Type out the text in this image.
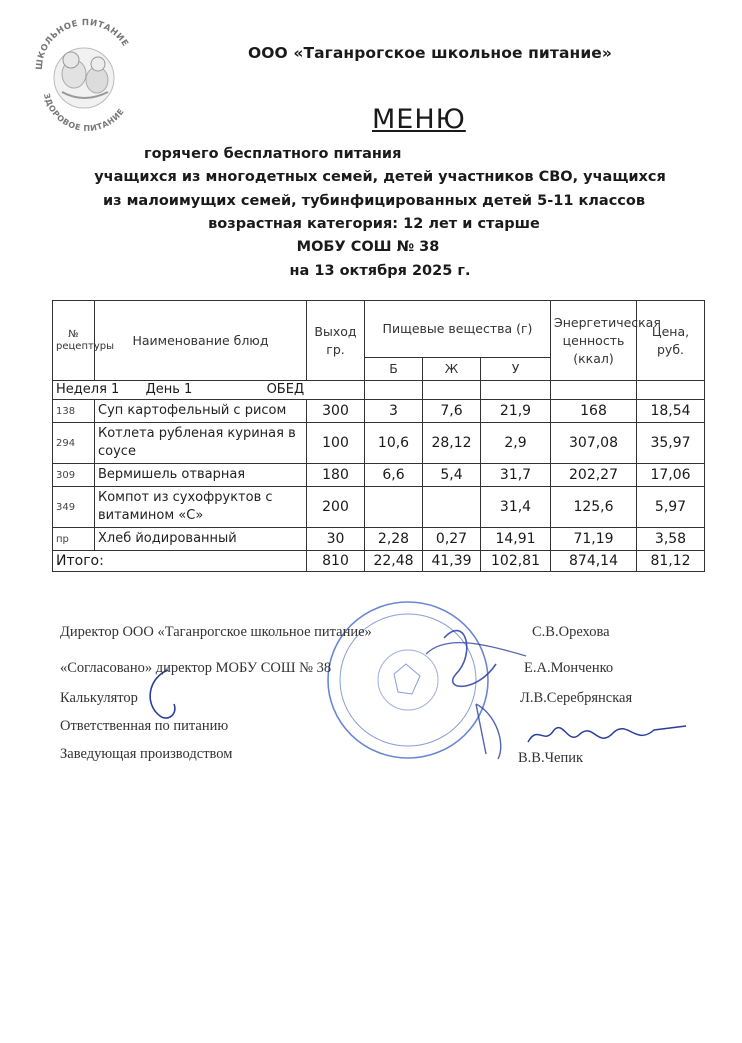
ШКОЛЬНОЕ ПИТАНИЕ
ЗДОРОВОЕ ПИТАНИЕ
ООО «Таганрогское школьное питание»
МЕНЮ
горячего бесплатного питания
учащихся из многодетных семей, детей участников СВО, учащихся
из малоимущих семей, тубинфицированных детей 5-11 классов
возрастная категория: 12 лет и старше
МОБУ СОШ № 38
на 13 октября 2025 г.
№ рецептуры	Наименование блюд	Выход гр.	Пищевые вещества (г)			Энергетическая ценность (ккал)	Цена, руб.
			Б	Ж	У		
Неделя 1 День 1 ОБЕД							
138	Суп картофельный с рисом	300	3	7,6	21,9	168	18,54
294	Котлета рубленая куриная в соусе	100	10,6	28,12	2,9	307,08	35,97
309	Вермишель отварная	180	6,6	5,4	31,7	202,27	17,06
349	Компот из сухофруктов с витамином «С»	200			31,4	125,6	5,97
пр	Хлеб йодированный	30	2,28	0,27	14,91	71,19	3,58
Итого:		810	22,48	41,39	102,81	874,14	81,12
Директор ООО «Таганрогское школьное питание»	С.В.Орехова
«Согласовано» директор МОБУ СОШ № 38	Е.А.Монченко
Калькулятор	Л.В.Серебрянская
Ответственная по питанию
Заведующая производством	В.В.Чепик
